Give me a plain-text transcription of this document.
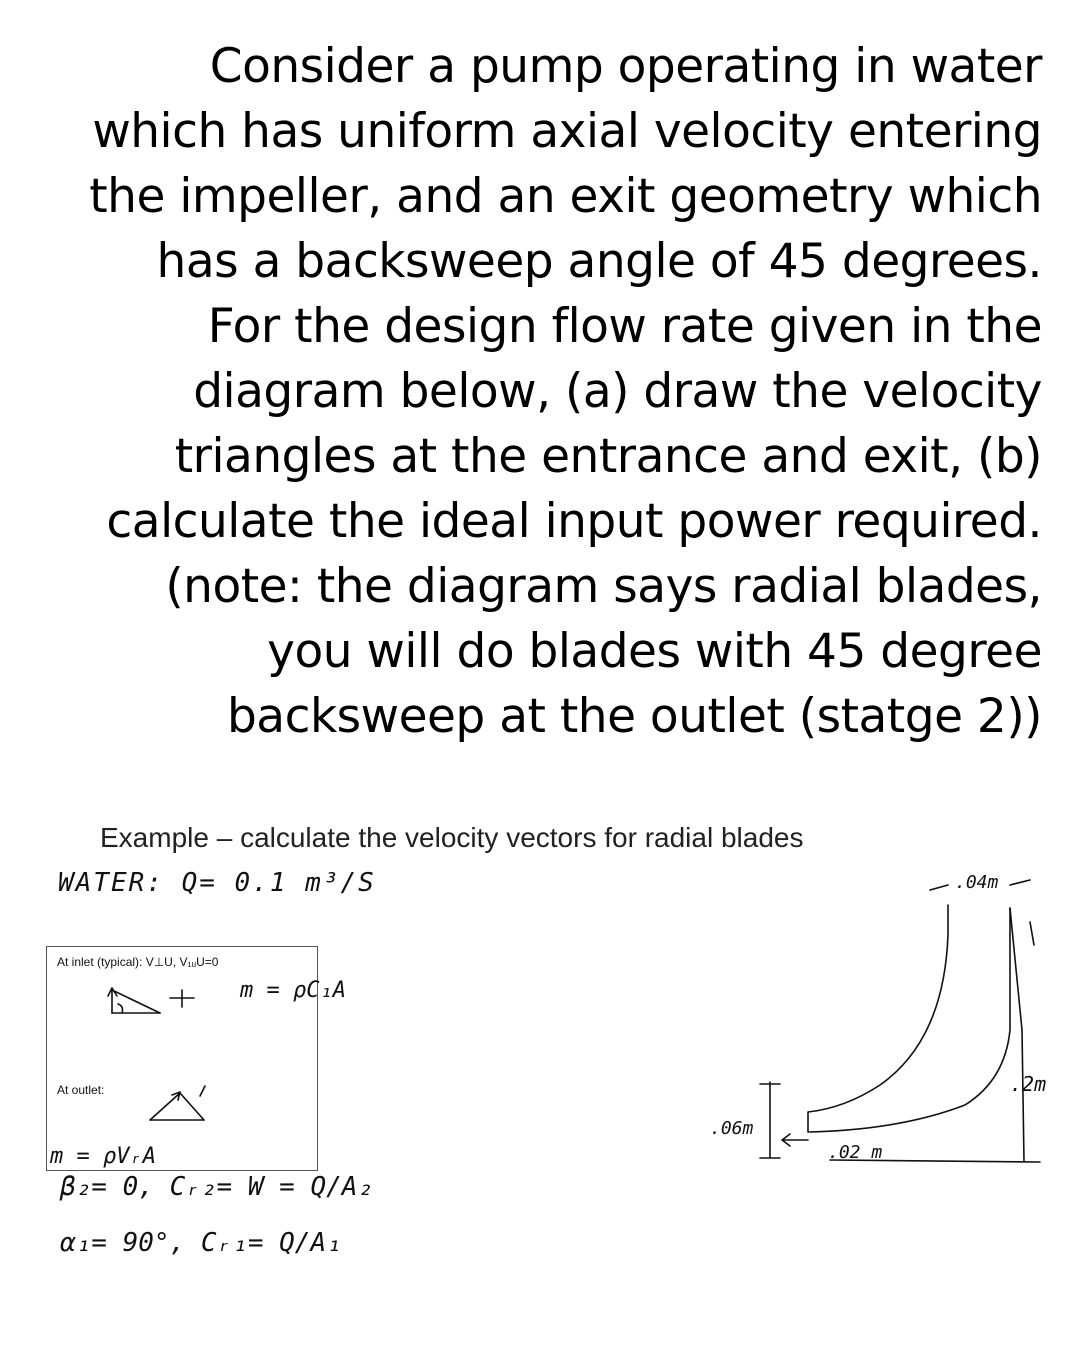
Consider a pump operating in water
which has uniform axial velocity entering
the impeller, and an exit geometry which
has a backsweep angle of 45 degrees.
For the design flow rate given in the
diagram below, (a) draw the velocity
triangles at the entrance and exit, (b)
calculate the ideal input power required.
(note: the diagram says radial blades,
you will do blades with 45 degree
backsweep at the outlet (statge 2))
Example – calculate the velocity vectors for radial blades
WATER: Q= 0.1 m³/S
At inlet (typical): V⊥U, V₁ᵤU=0
At outlet:
m = ρC₁A
m = ρVᵣA
β₂= 0, Cᵣ₂= W = Q/A₂
α₁= 90°, Cᵣ₁= Q/A₁
.04m
.2m
.06m
.02 m
